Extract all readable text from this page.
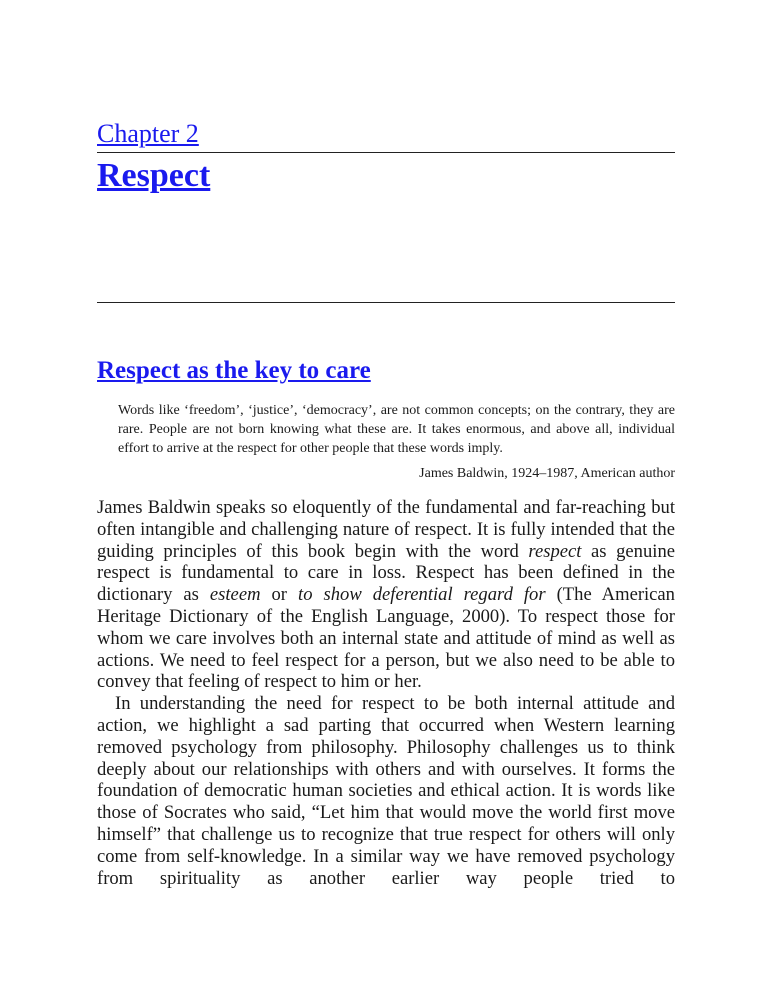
Chapter 2
Respect
Respect as the key to care
Words like ‘freedom’, ‘justice’, ‘democracy’, are not common concepts; on the contrary, they are rare. People are not born knowing what these are. It takes enormous, and above all, individual effort to arrive at the respect for other people that these words imply.
James Baldwin, 1924–1987, American author

James Baldwin speaks so eloquently of the fundamental and far-reaching but often intangible and challenging nature of respect. It is fully intended that the guiding principles of this book begin with the word respect as genuine respect is fundamental to care in loss. Respect has been defined in the dictionary as esteem or to show deferential regard for (The American Heritage Dictionary of the English Language, 2000). To respect those for whom we care involves both an internal state and attitude of mind as well as actions. We need to feel respect for a person, but we also need to be able to convey that feeling of respect to him or her.

In understanding the need for respect to be both internal attitude and action, we highlight a sad parting that occurred when Western learning removed psychology from philosophy. Philosophy challenges us to think deeply about our relationships with others and with ourselves. It forms the foundation of democratic human societies and ethical action. It is words like those of Socrates who said, “Let him that would move the world first move himself” that challenge us to recognize that true respect for others will only come from self-knowledge. In a similar way we have removed psychology from spirituality as another earlier way people tried to
